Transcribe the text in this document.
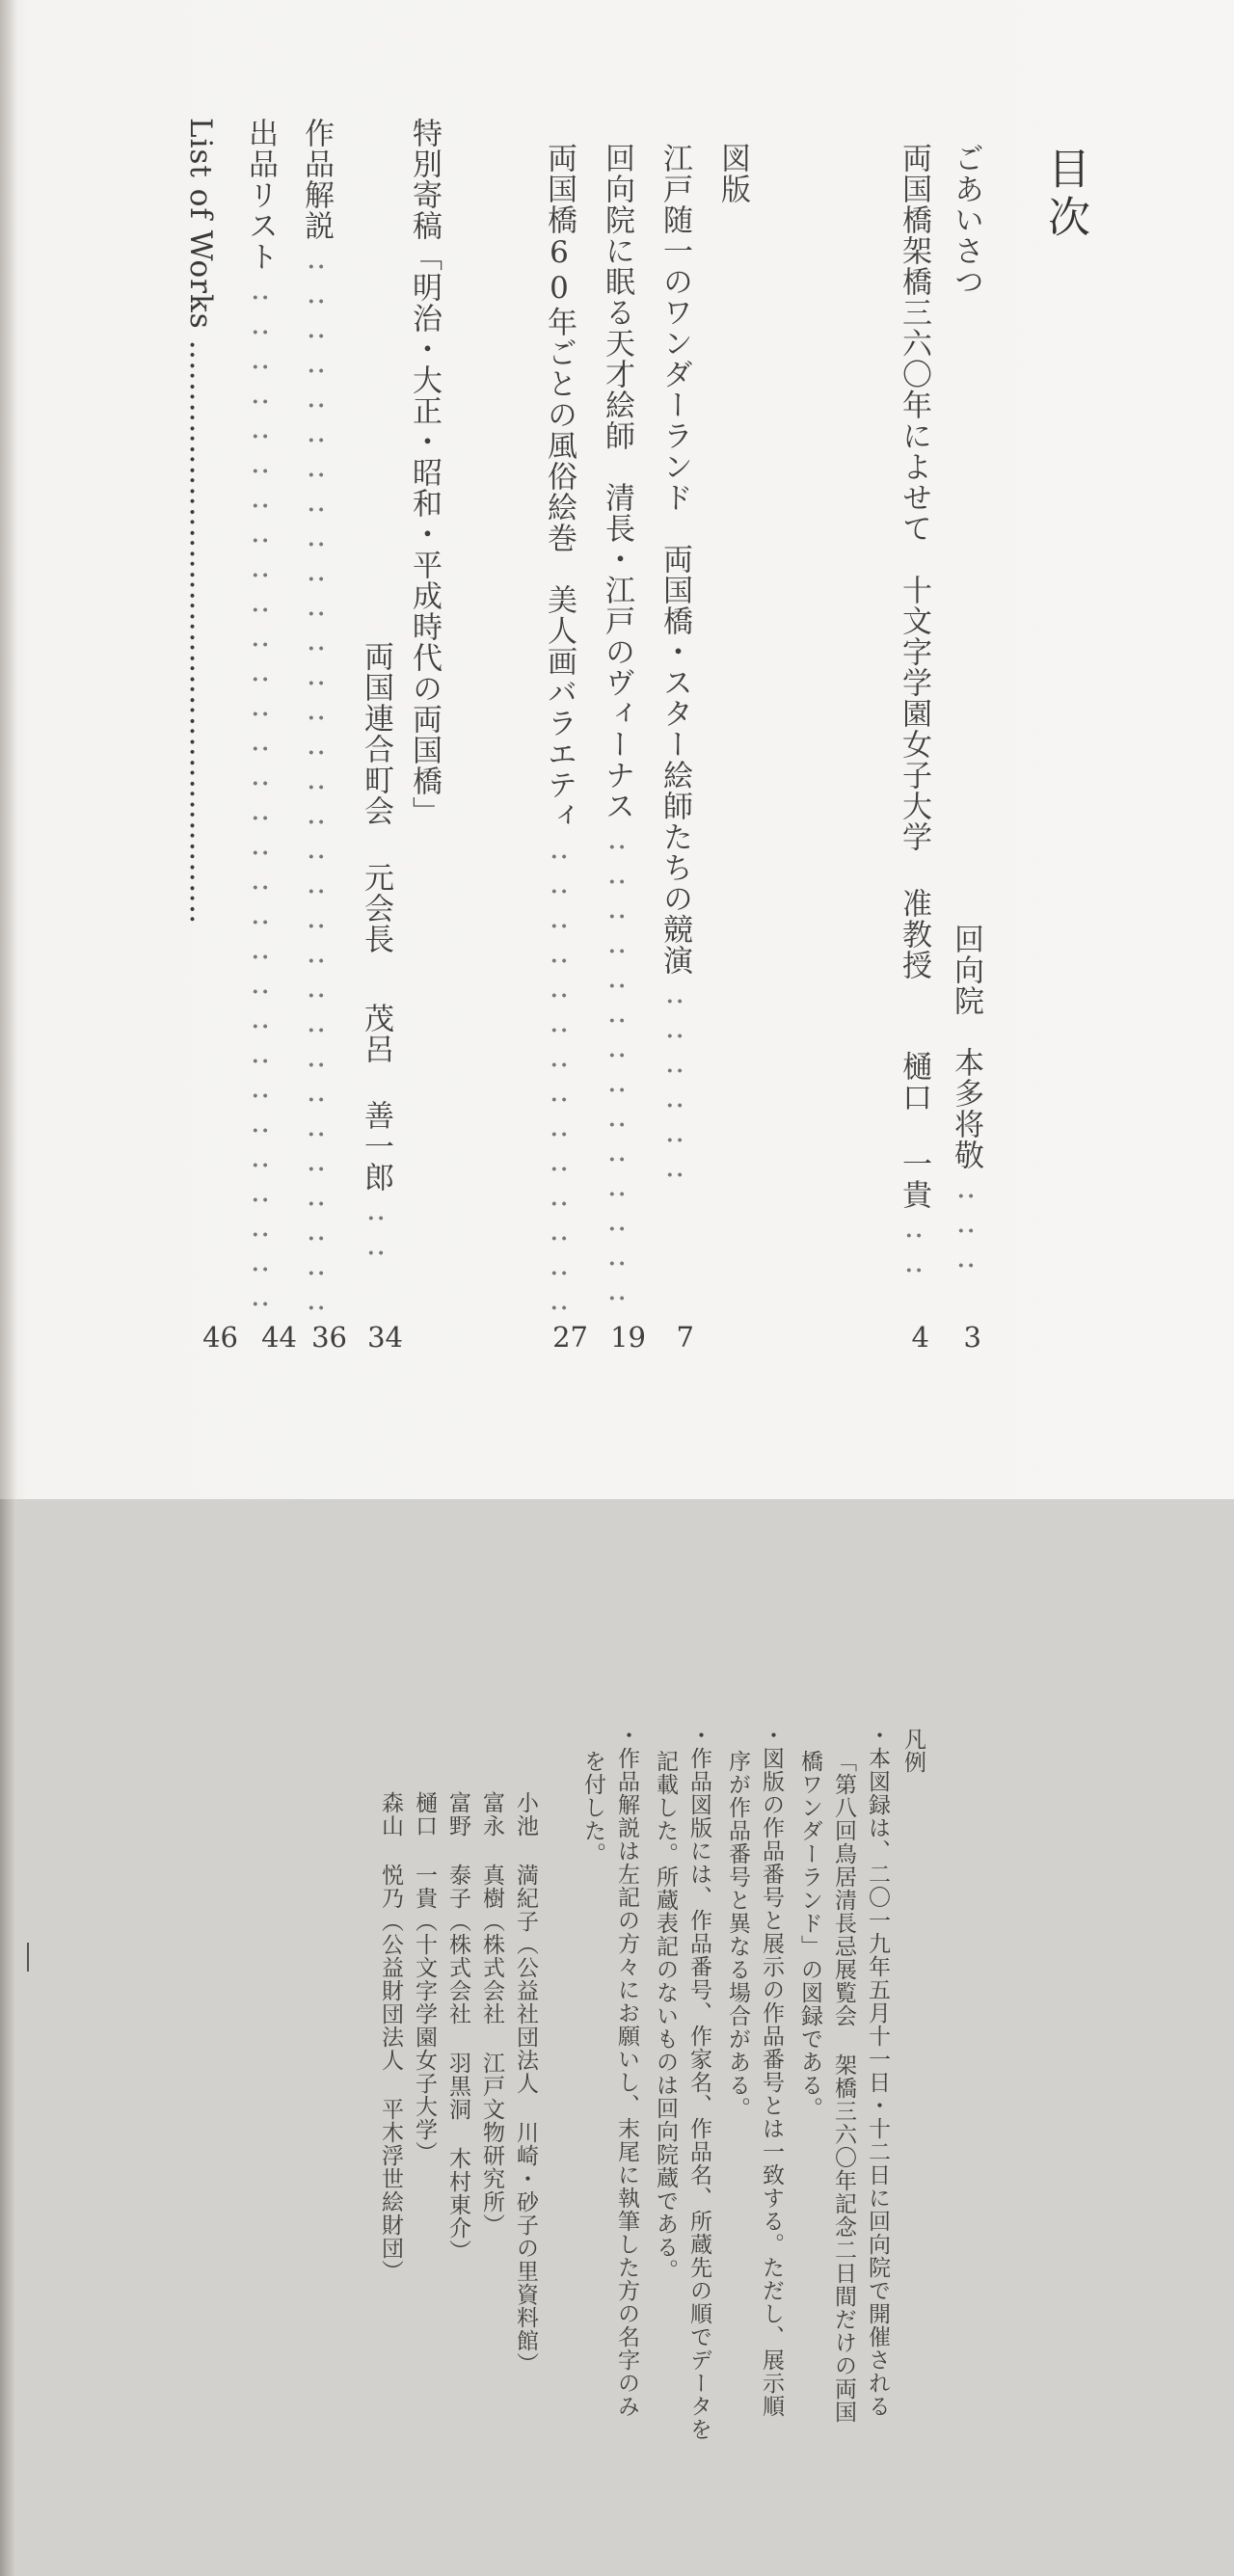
目次
ごあいさつ
回向院　本多将敬‥‥‥
3
両国橋架橋三六〇年によせて　十文字学園女子大学 准教授
樋口 一貴‥‥
4
図版
江戸随一のワンダーランド　両国橋・スター絵師たちの競演‥‥‥‥‥‥
7
回向院に眠る天才絵師　清長・江戸のヴィーナス‥‥‥‥‥‥‥‥‥‥‥‥‥‥
19
両国橋60年ごとの風俗絵巻　美人画バラエティ‥‥‥‥‥‥‥‥‥‥‥‥‥‥
27
特別寄稿「明治・大正・昭和・平成時代の両国橋」
両国連合町会 元会長
茂呂 善一郎‥‥
34
作品解説‥‥‥‥‥‥‥‥‥‥‥‥‥‥‥‥‥‥‥‥‥‥‥‥‥‥‥‥‥‥‥
36
出品リスト‥‥‥‥‥‥‥‥‥‥‥‥‥‥‥‥‥‥‥‥‥‥‥‥‥‥‥‥‥‥
44
List of Works ‥‥‥‥‥‥‥‥‥‥‥‥‥‥‥‥‥‥‥‥‥‥‥‥‥‥‥‥
46
凡例
・本図録は、二〇一九年五月十一日・十二日に回向院で開催される
「第八回鳥居清長忌展覧会 架橋三六〇年記念二日間だけの両国
橋ワンダーランド」の図録である。
・図版の作品番号と展示の作品番号とは一致する。ただし、展示順
序が作品番号と異なる場合がある。
・作品図版には、作品番号、作家名、作品名、所蔵先の順でデータを
記載した。所蔵表記のないものは回向院蔵である。
・作品解説は左記の方々にお願いし、末尾に執筆した方の名字のみ
を付した。
小池 満紀子（公益社団法人 川崎・砂子の里資料館）
富永 真樹（株式会社 江戸文物研究所）
富野 泰子（株式会社 羽黒洞 木村東介）
樋口 一貴（十文字学園女子大学）
森山 悦乃（公益財団法人 平木浮世絵財団）
